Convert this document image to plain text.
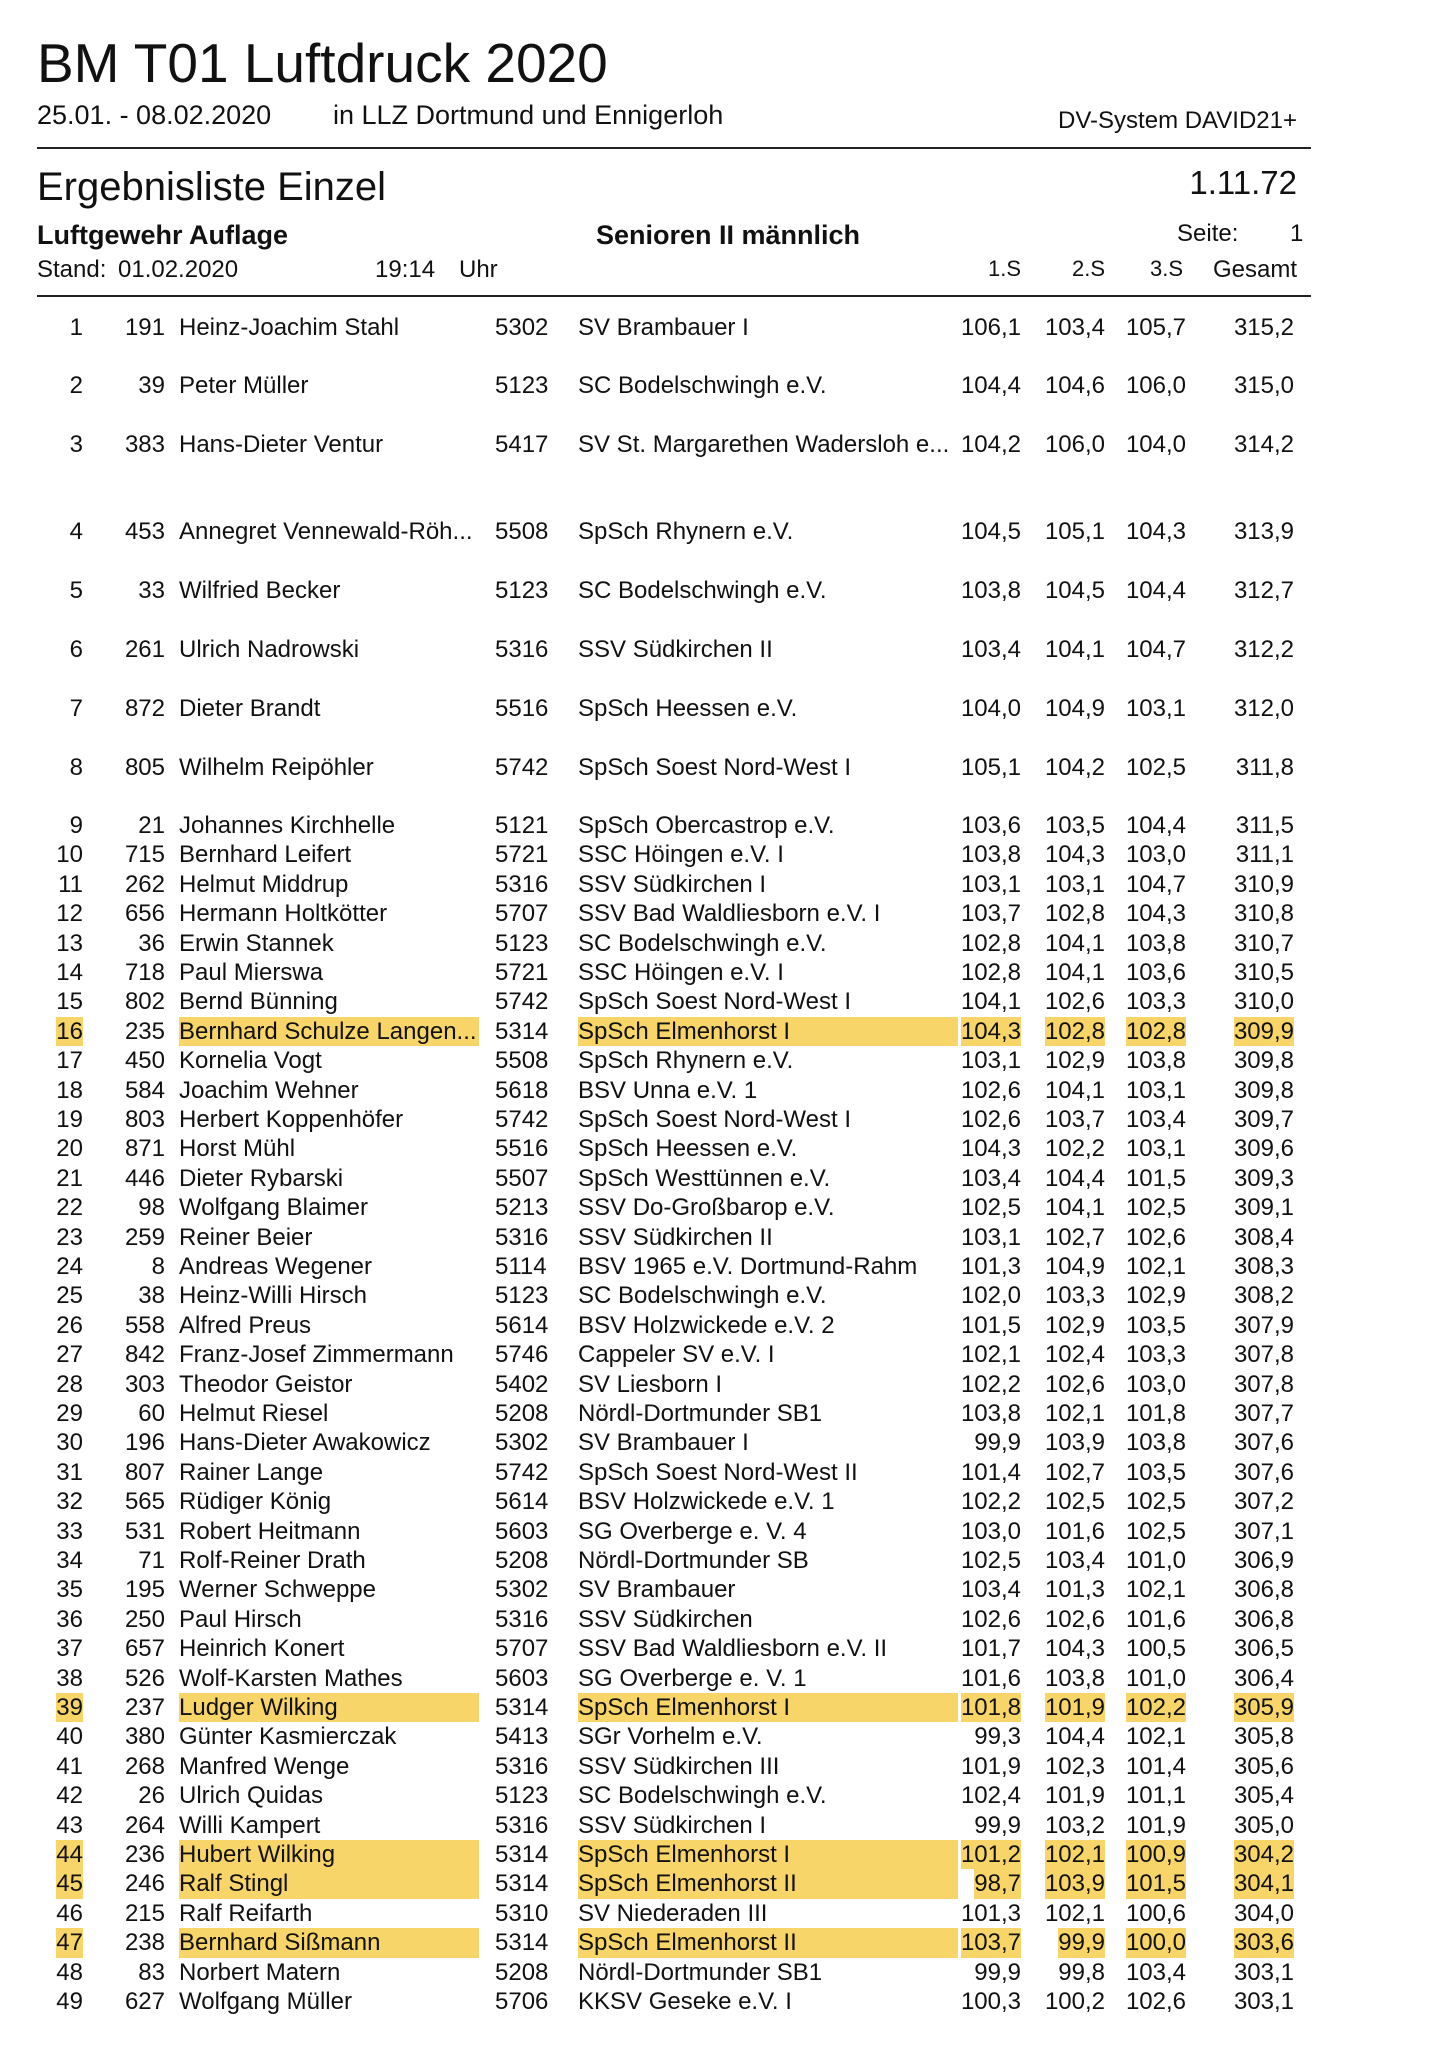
BM T01 Luftdruck 2020
25.01. - 08.02.2020 in LLZ Dortmund und Ennigerloh	DV-System DAVID21+
Ergebnisliste Einzel	1.11.72
Luftgewehr Auflage	Senioren II männlich	Seite: 1
Stand: 01.02.2020	19:14 Uhr	1.S 2.S 3.S Gesamt
1 191 Heinz-Joachim Stahl	5302 SV Brambauer I	106,1 103,4 105,7 315,2
2 39 Peter Müller	5123 SC Bodelschwingh e.V.	104,4 104,6 106,0 315,0
3 383 Hans-Dieter Ventur	5417 SV St. Margarethen Wadersloh e... 104,2 106,0 104,0 314,2
4 453 Annegret Vennewald-Röh... 5508 SpSch Rhynern e.V.	104,5 105,1 104,3 313,9
5 33 Wilfried Becker	5123 SC Bodelschwingh e.V.	103,8 104,5 104,4 312,7
6 261 Ulrich Nadrowski	5316 SSV Südkirchen II	103,4 104,1 104,7 312,2
7 872 Dieter Brandt	5516 SpSch Heessen e.V.	104,0 104,9 103,1 312,0
8 805 Wilhelm Reipöhler	5742 SpSch Soest Nord-West I	105,1 104,2 102,5 311,8
9 21 Johannes Kirchhelle	5121 SpSch Obercastrop e.V.	103,6 103,5 104,4 311,5
10 715 Bernhard Leifert	5721 SSC Höingen e.V. I	103,8 104,3 103,0 311,1
11 262 Helmut Middrup	5316 SSV Südkirchen I	103,1 103,1 104,7 310,9
12 656 Hermann Holtkötter	5707 SSV Bad Waldliesborn e.V. I	103,7 102,8 104,3 310,8
13 36 Erwin Stannek	5123 SC Bodelschwingh e.V.	102,8 104,1 103,8 310,7
14 718 Paul Mierswa	5721 SSC Höingen e.V. I	102,8 104,1 103,6 310,5
15 802 Bernd Bünning	5742 SpSch Soest Nord-West I	104,1 102,6 103,3 310,0
16 235 Bernhard Schulze Langen... 5314 SpSch Elmenhorst I	104,3 102,8 102,8 309,9
17 450 Kornelia Vogt	5508 SpSch Rhynern e.V.	103,1 102,9 103,8 309,8
18 584 Joachim Wehner	5618 BSV Unna e.V. 1	102,6 104,1 103,1 309,8
19 803 Herbert Koppenhöfer	5742 SpSch Soest Nord-West I	102,6 103,7 103,4 309,7
20 871 Horst Mühl	5516 SpSch Heessen e.V.	104,3 102,2 103,1 309,6
21 446 Dieter Rybarski	5507 SpSch Westtünnen e.V.	103,4 104,4 101,5 309,3
22 98 Wolfgang Blaimer	5213 SSV Do-Großbarop e.V.	102,5 104,1 102,5 309,1
23 259 Reiner Beier	5316 SSV Südkirchen II	103,1 102,7 102,6 308,4
24	8 Andreas Wegener	5114 BSV 1965 e.V. Dortmund-Rahm	101,3 104,9 102,1 308,3
25 38 Heinz-Willi Hirsch	5123 SC Bodelschwingh e.V.	102,0 103,3 102,9 308,2
26 558 Alfred Preus	5614 BSV Holzwickede e.V. 2	101,5 102,9 103,5 307,9
27 842 Franz-Josef Zimmermann	5746 Cappeler SV e.V. I	102,1 102,4 103,3 307,8
28 303 Theodor Geistor	5402 SV Liesborn I	102,2 102,6 103,0 307,8
29 60 Helmut Riesel	5208 Nördl-Dortmunder SB1	103,8 102,1 101,8 307,7
30 196 Hans-Dieter Awakowicz	5302 SV Brambauer I	99,9 103,9 103,8 307,6
31 807 Rainer Lange	5742 SpSch Soest Nord-West II	101,4 102,7 103,5 307,6
32 565 Rüdiger König	5614 BSV Holzwickede e.V. 1	102,2 102,5 102,5 307,2
33 531 Robert Heitmann	5603 SG Overberge e. V. 4	103,0 101,6 102,5 307,1
34 71 Rolf-Reiner Drath	5208 Nördl-Dortmunder SB	102,5 103,4 101,0 306,9
35 195 Werner Schweppe	5302 SV Brambauer	103,4 101,3 102,1 306,8
36 250 Paul Hirsch	5316 SSV Südkirchen	102,6 102,6 101,6 306,8
37 657 Heinrich Konert	5707 SSV Bad Waldliesborn e.V. II	101,7 104,3 100,5 306,5
38 526 Wolf-Karsten Mathes	5603 SG Overberge e. V. 1	101,6 103,8 101,0 306,4
39 237 Ludger Wilking	5314 SpSch Elmenhorst I	101,8 101,9 102,2 305,9
40 380 Günter Kasmierczak	5413 SGr Vorhelm e.V.	99,3 104,4 102,1 305,8
41 268 Manfred Wenge	5316 SSV Südkirchen III	101,9 102,3 101,4 305,6
42 26 Ulrich Quidas	5123 SC Bodelschwingh e.V.	102,4 101,9 101,1 305,4
43 264 Willi Kampert	5316 SSV Südkirchen I	99,9 103,2 101,9 305,0
44 236 Hubert Wilking	5314 SpSch Elmenhorst I	101,2 102,1 100,9 304,2
45 246 Ralf Stingl	5314 SpSch Elmenhorst II	98,7 103,9 101,5 304,1
46 215 Ralf Reifarth	5310 SV Niederaden III	101,3 102,1 100,6 304,0
47 238 Bernhard Sißmann	5314 SpSch Elmenhorst II	103,7 99,9 100,0 303,6
48 83 Norbert Matern	5208 Nördl-Dortmunder SB1	99,9 99,8 103,4 303,1
49 627 Wolfgang Müller	5706 KKSV Geseke e.V. I	100,3 100,2 102,6 303,1
